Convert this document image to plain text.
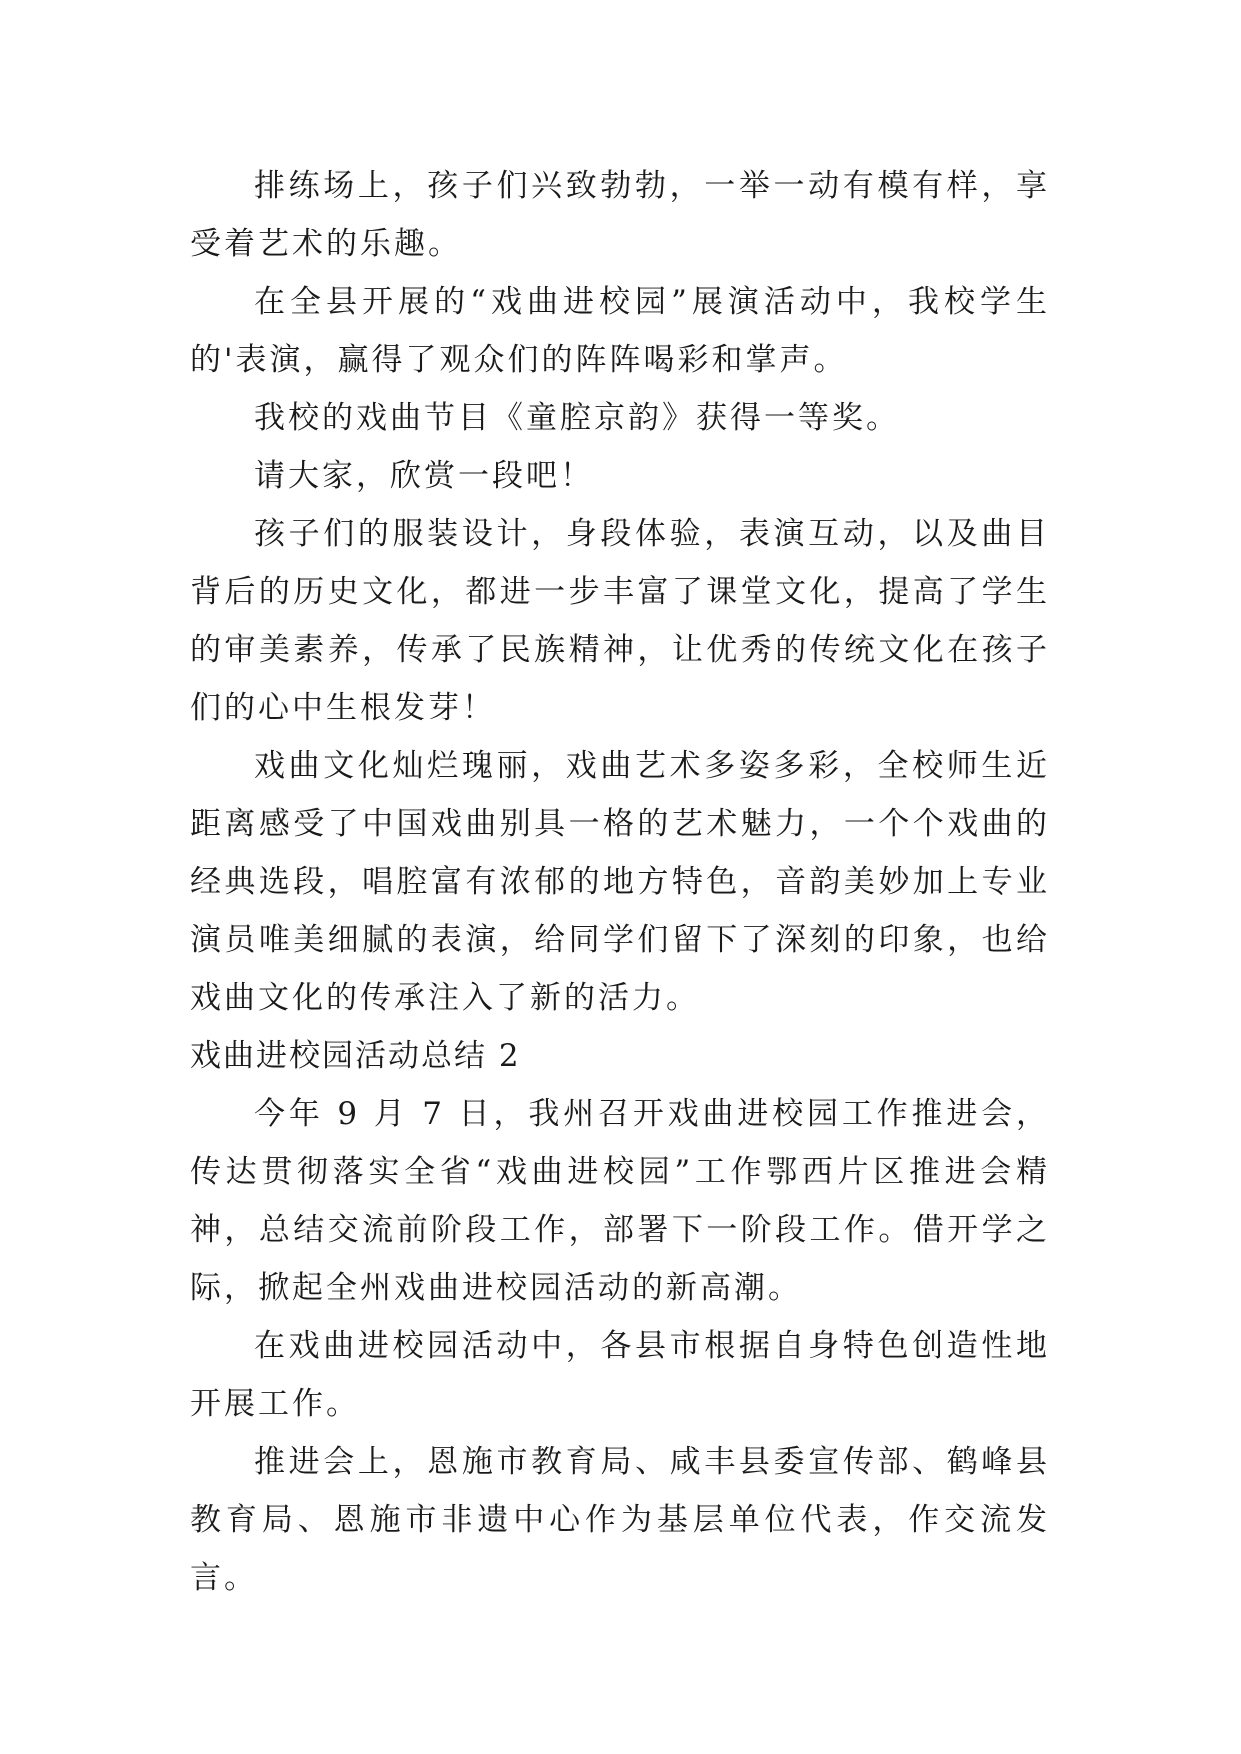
排练场上，孩子们兴致勃勃，一举一动有模有样，享受着艺术的乐趣。

在全县开展的“戏曲进校园”展演活动中，我校学生的'表演，赢得了观众们的阵阵喝彩和掌声。

我校的戏曲节目《童腔京韵》获得一等奖。

请大家，欣赏一段吧！

孩子们的服装设计，身段体验，表演互动，以及曲目背后的历史文化，都进一步丰富了课堂文化，提高了学生的审美素养，传承了民族精神，让优秀的传统文化在孩子们的心中生根发芽！

戏曲文化灿烂瑰丽，戏曲艺术多姿多彩，全校师生近距离感受了中国戏曲别具一格的艺术魅力，一个个戏曲的经典选段，唱腔富有浓郁的地方特色，音韵美妙加上专业演员唯美细腻的表演，给同学们留下了深刻的印象，也给戏曲文化的传承注入了新的活力。

戏曲进校园活动总结 2

今年 9 月 7 日，我州召开戏曲进校园工作推进会，传达贯彻落实全省“戏曲进校园”工作鄂西片区推进会精神，总结交流前阶段工作，部署下一阶段工作。借开学之际，掀起全州戏曲进校园活动的新高潮。

在戏曲进校园活动中，各县市根据自身特色创造性地开展工作。

推进会上，恩施市教育局、咸丰县委宣传部、鹤峰县教育局、恩施市非遗中心作为基层单位代表，作交流发言。
